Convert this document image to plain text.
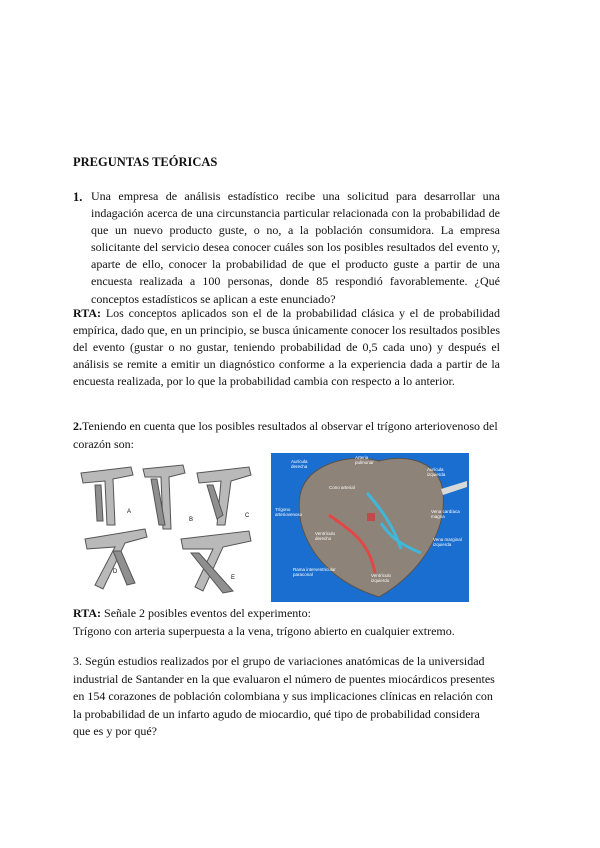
PREGUNTAS TEÓRICAS
1. Una empresa de análisis estadístico recibe una solicitud para desarrollar una indagación acerca de una circunstancia particular relacionada con la probabilidad de que un nuevo producto guste, o no, a la población consumidora. La empresa solicitante del servicio desea conocer cuáles son los posibles resultados del evento y, aparte de ello, conocer la probabilidad de que el producto guste a partir de una encuesta realizada a 100 personas, donde 85 respondió favorablemente. ¿Qué conceptos estadísticos se aplican a este enunciado?
RTA: Los conceptos aplicados son el de la probabilidad clásica y el de probabilidad empírica, dado que, en un principio, se busca únicamente conocer los resultados posibles del evento (gustar o no gustar, teniendo probabilidad de 0,5 cada uno) y después el análisis se remite a emitir un diagnóstico conforme a la experiencia dada a partir de la encuesta realizada, por lo que la probabilidad cambia con respecto a lo anterior.
2.Teniendo en cuenta que los posibles resultados al observar el trígono arteriovenoso del corazón son:
A
B
C
D
E
Aurícula derecha
Arteria pulmonar
Aurícula izquierda
Cono arterial
Trígono arteriovenoso
Vena cardíaca magna
Ventrículo derecho
Rama interventricular paraconal
Vena marginal izquierda
Ventrículo izquierdo
RTA: Señale 2 posibles eventos del experimento:
Trígono con arteria superpuesta a la vena, trígono abierto en cualquier extremo.
3. Según estudios realizados por el grupo de variaciones anatómicas de la universidad industrial de Santander en la que evaluaron el número de puentes miocárdicos presentes en 154 corazones de población colombiana y sus implicaciones clínicas en relación con la probabilidad de un infarto agudo de miocardio, qué tipo de probabilidad considera que es y por qué?
